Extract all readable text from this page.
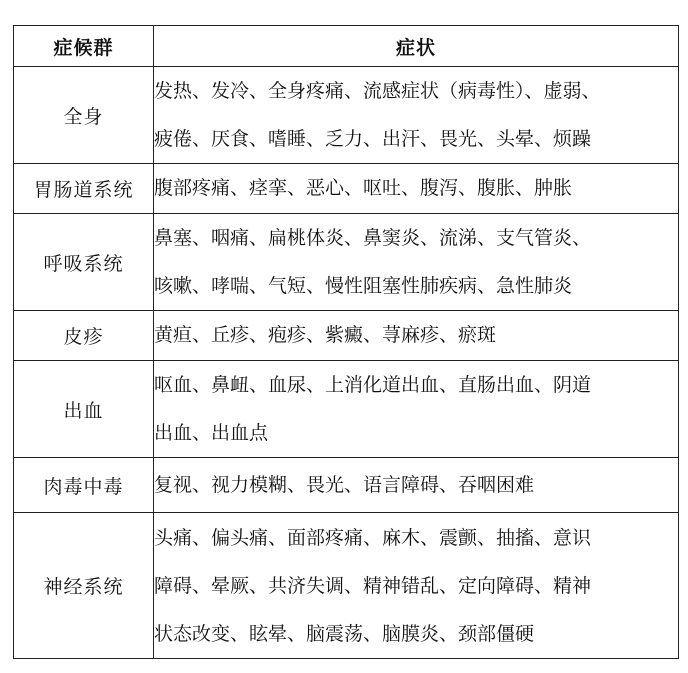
症候群	症状
全身	发热、发冷、全身疼痛、流感症状（病毒性）、虚弱、
疲倦、厌食、嗜睡、乏力、出汗、畏光、头晕、烦躁

胃肠道系统	腹部疼痛、痉挛、恶心、呕吐、腹泻、腹胀、肿胀

呼吸系统	鼻塞、咽痛、扁桃体炎、鼻窦炎、流涕、支气管炎、
咳嗽、哮喘、气短、慢性阻塞性肺疾病、急性肺炎

皮疹	黄疸、丘疹、疱疹、紫癜、荨麻疹、瘀斑

出血	呕血、鼻衄、血尿、上消化道出血、直肠出血、阴道
出血、出血点

肉毒中毒	复视、视力模糊、畏光、语言障碍、吞咽困难

神经系统	头痛、偏头痛、面部疼痛、麻木、震颤、抽搐、意识
障碍、晕厥、共济失调、精神错乱、定向障碍、精神
状态改变、眩晕、脑震荡、脑膜炎、颈部僵硬
